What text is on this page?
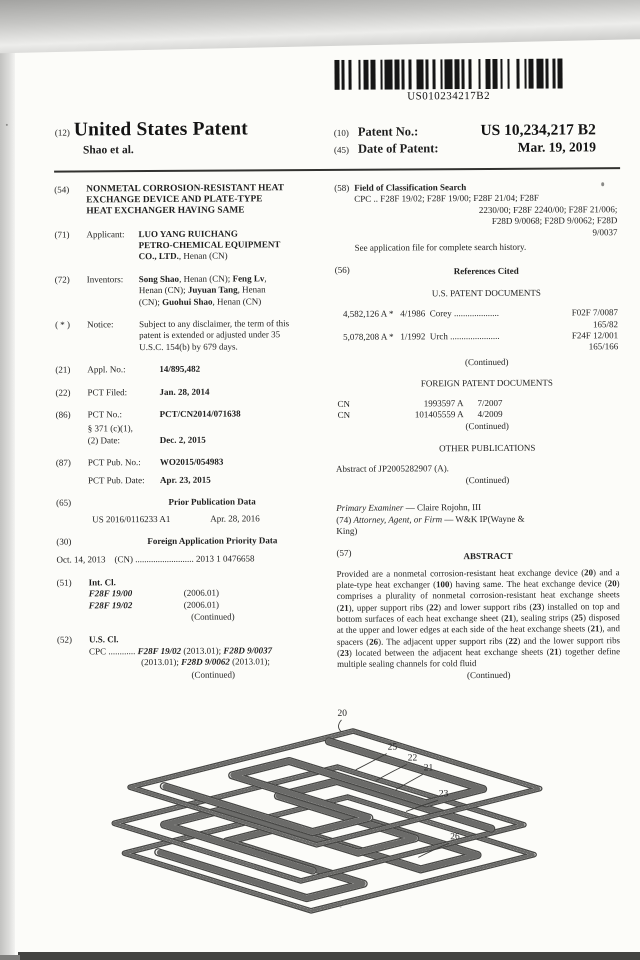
US010234217B2
(12) United States Patent
Shao et al.
(10) Patent No.:	US 10,234,217 B2
(45) Date of Patent:	Mar. 19, 2019
(54)	NONMETAL CORROSION-RESISTANT HEAT
EXCHANGE DEVICE AND PLATE-TYPE
HEAT EXCHANGER HAVING SAME
(71)	Applicant:	LUO YANG RUICHANG
PETRO-CHEMICAL EQUIPMENT
CO., LTD., Henan (CN)
(72)	Inventors:	Song Shao, Henan (CN); Feng Lv,
Henan (CN); Juyuan Tang, Henan
(CN); Guohui Shao, Henan (CN)
( * )	Notice:	Subject to any disclaimer, the term of this
patent is extended or adjusted under 35
U.S.C. 154(b) by 679 days.
(21)	Appl. No.:	14/895,482
(22)	PCT Filed:	Jan. 28, 2014
(86)	PCT No.:	PCT/CN2014/071638
§ 371 (c)(1),
(2) Date:	Dec. 2, 2015
(87)	PCT Pub. No.:	WO2015/054983
PCT Pub. Date:	Apr. 23, 2015
(65)	Prior Publication Data
US 2016/0116233 A1	Apr. 28, 2016
(30)	Foreign Application Priority Data
Oct. 14, 2013    (CN) .......................... 2013 1 0476658
(51)	Int. Cl.
F28F 19/00	(2006.01)
F28F 19/02	(2006.01)
(Continued)
(52)	U.S. Cl.
CPC ............ F28F 19/02 (2013.01); F28D 9/0037
(2013.01); F28D 9/0062 (2013.01);
(Continued)
(58) Field of Classification Search
CPC .. F28F 19/02; F28F 19/00; F28F 21/04; F28F
2230/00; F28F 2240/00; F28F 21/006;
F28D 9/0068; F28D 9/0062; F28D
9/0037
See application file for complete search history.
(56)	References Cited
U.S. PATENT DOCUMENTS
4,582,126 A *   4/1986  Corey ....................	F02F 7/0087
165/82
5,078,208 A *   1/1992  Urch ......................	F24F 12/001
165/166
(Continued)
FOREIGN PATENT DOCUMENTS
CN	1993597 A	7/2007
CN	101405559 A	4/2009
(Continued)
OTHER PUBLICATIONS
Abstract of JP2005282907 (A).
(Continued)
Primary Examiner — Claire Rojohn, III
(74) Attorney, Agent, or Firm — W&K IP(Wayne &
King)
(57)	ABSTRACT
Provided are a nonmetal corrosion-resistant heat exchange device (20) and a plate-type heat exchanger (100) having same. The heat exchange device (20) comprises a plurality of nonmetal corrosion-resistant heat exchange sheets (21), upper support ribs (22) and lower support ribs (23) installed on top and bottom surfaces of each heat exchange sheet (21), sealing strips (25) disposed at the upper and lower edges at each side of the heat exchange sheets (21), and spacers (26). The adjacent upper support ribs (22) and the lower support ribs (23) located between the adjacent heat exchange sheets (21) together define multiple sealing channels for cold fluid
(Continued)
20
25
22
21
23
26
